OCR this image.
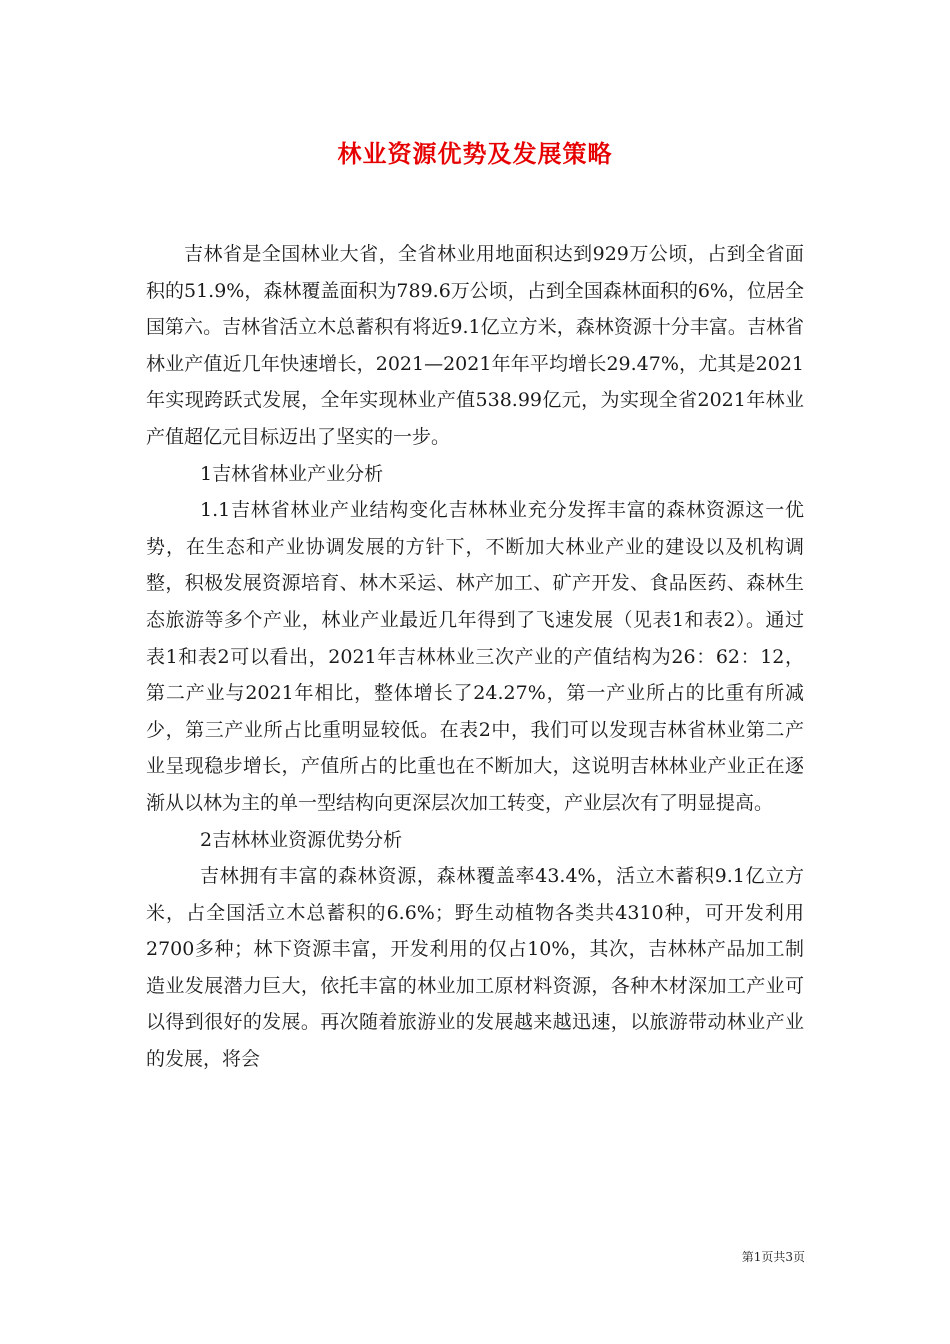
林业资源优势及发展策略

吉林省是全国林业大省，全省林业用地面积达到929万公顷，占到全省面积的51.9%，森林覆盖面积为789.6万公顷，占到全国森林面积的6%，位居全国第六。吉林省活立木总蓄积有将近9.1亿立方米，森林资源十分丰富。吉林省林业产值近几年快速增长，2021—2021年年平均增长29.47%，尤其是2021年实现跨跃式发展，全年实现林业产值538.99亿元，为实现全省2021年林业产值超亿元目标迈出了坚实的一步。

1吉林省林业产业分析

1.1吉林省林业产业结构变化吉林林业充分发挥丰富的森林资源这一优势，在生态和产业协调发展的方针下，不断加大林业产业的建设以及机构调整，积极发展资源培育、林木采运、林产加工、矿产开发、食品医药、森林生态旅游等多个产业，林业产业最近几年得到了飞速发展（见表1和表2）。通过表1和表2可以看出，2021年吉林林业三次产业的产值结构为26：62：12，第二产业与2021年相比，整体增长了24.27%，第一产业所占的比重有所减少，第三产业所占比重明显较低。在表2中，我们可以发现吉林省林业第二产业呈现稳步增长，产值所占的比重也在不断加大，这说明吉林林业产业正在逐渐从以林为主的单一型结构向更深层次加工转变，产业层次有了明显提高。

2吉林林业资源优势分析

吉林拥有丰富的森林资源，森林覆盖率43.4%，活立木蓄积9.1亿立方米，占全国活立木总蓄积的6.6%；野生动植物各类共4310种，可开发利用2700多种；林下资源丰富，开发利用的仅占10%，其次，吉林林产品加工制造业发展潜力巨大，依托丰富的林业加工原材料资源，各种木材深加工产业可以得到很好的发展。再次随着旅游业的发展越来越迅速，以旅游带动林业产业的发展，将会

第1页共3页
